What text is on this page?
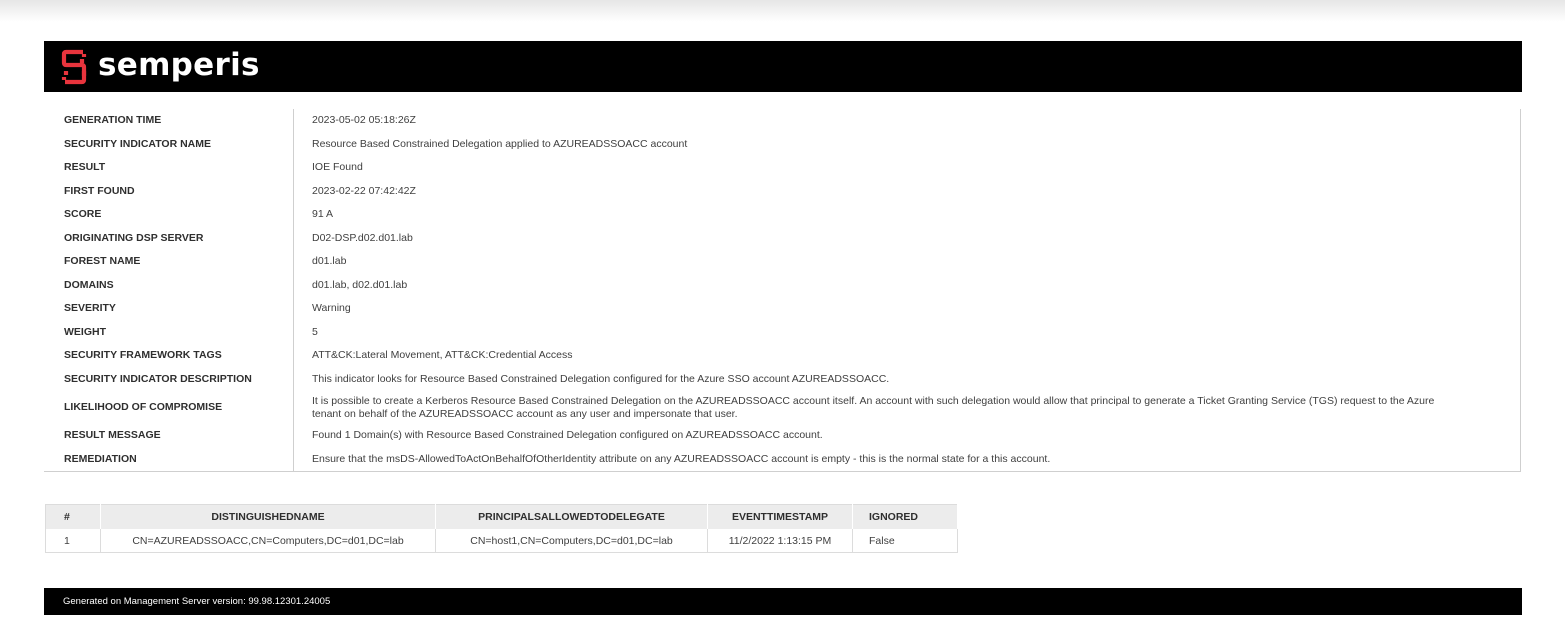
semperis
GENERATION TIME	2023-05-02 05:18:26Z
SECURITY INDICATOR NAME	Resource Based Constrained Delegation applied to AZUREADSSOACC account
RESULT	IOE Found
FIRST FOUND	2023-02-22 07:42:42Z
SCORE	91 A
ORIGINATING DSP SERVER	D02-DSP.d02.d01.lab
FOREST NAME	d01.lab
DOMAINS	d01.lab, d02.d01.lab
SEVERITY	Warning
WEIGHT	5
SECURITY FRAMEWORK TAGS	ATT&CK:Lateral Movement, ATT&CK:Credential Access
SECURITY INDICATOR DESCRIPTION	This indicator looks for Resource Based Constrained Delegation configured for the Azure SSO account AZUREADSSOACC.
LIKELIHOOD OF COMPROMISE	It is possible to create a Kerberos Resource Based Constrained Delegation on the AZUREADSSOACC account itself. An account with such delegation would allow that principal to generate a Ticket Granting Service (TGS) request to the Azure tenant on behalf of the AZUREADSSOACC account as any user and impersonate that user.
RESULT MESSAGE	Found 1 Domain(s) with Resource Based Constrained Delegation configured on AZUREADSSOACC account.
REMEDIATION	Ensure that the msDS-AllowedToActOnBehalfOfOtherIdentity attribute on any AZUREADSSOACC account is empty - this is the normal state for a this account.
#	DISTINGUISHEDNAME	PRINCIPALSALLOWEDTODELEGATE	EVENTTIMESTAMP	IGNORED
1	CN=AZUREADSSOACC,CN=Computers,DC=d01,DC=lab	CN=host1,CN=Computers,DC=d01,DC=lab	11/2/2022 1:13:15 PM	False
Generated on Management Server version: 99.98.12301.24005
